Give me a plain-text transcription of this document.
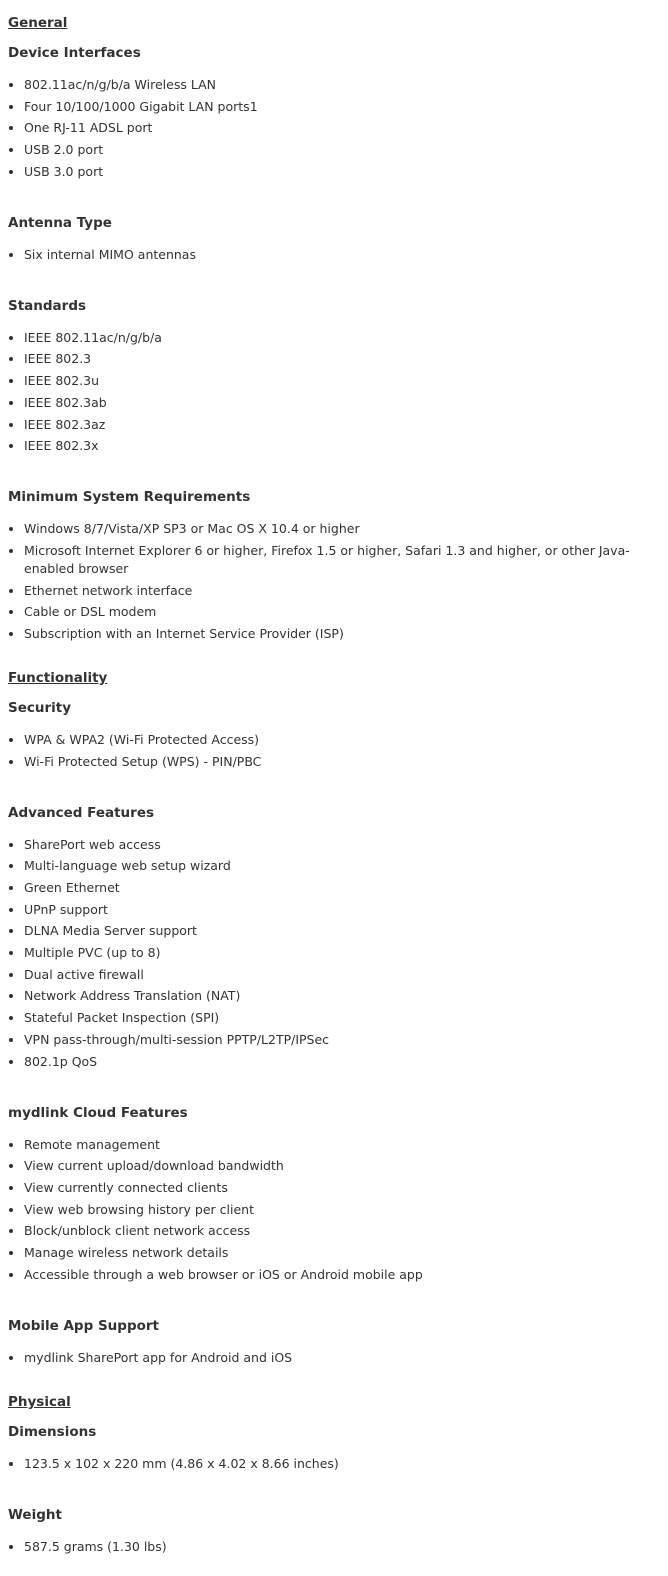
General
Device Interfaces
802.11ac/n/g/b/a Wireless LAN
Four 10/100/1000 Gigabit LAN ports1
One RJ-11 ADSL port
USB 2.0 port
USB 3.0 port
Antenna Type
Six internal MIMO antennas
Standards
IEEE 802.11ac/n/g/b/a
IEEE 802.3
IEEE 802.3u
IEEE 802.3ab
IEEE 802.3az
IEEE 802.3x
Minimum System Requirements
Windows 8/7/Vista/XP SP3 or Mac OS X 10.4 or higher
Microsoft Internet Explorer 6 or higher, Firefox 1.5 or higher, Safari 1.3 and higher, or other Java-enabled browser
Ethernet network interface
Cable or DSL modem
Subscription with an Internet Service Provider (ISP)
Functionality
Security
WPA & WPA2 (Wi-Fi Protected Access)
Wi-Fi Protected Setup (WPS) - PIN/PBC
Advanced Features
SharePort web access
Multi-language web setup wizard
Green Ethernet
UPnP support
DLNA Media Server support
Multiple PVC (up to 8)
Dual active firewall
Network Address Translation (NAT)
Stateful Packet Inspection (SPI)
VPN pass-through/multi-session PPTP/L2TP/IPSec
802.1p QoS
mydlink Cloud Features
Remote management
View current upload/download bandwidth
View currently connected clients
View web browsing history per client
Block/unblock client network access
Manage wireless network details
Accessible through a web browser or iOS or Android mobile app
Mobile App Support
mydlink SharePort app for Android and iOS
Physical
Dimensions
123.5 x 102 x 220 mm (4.86 x 4.02 x 8.66 inches)
Weight
587.5 grams (1.30 lbs)
